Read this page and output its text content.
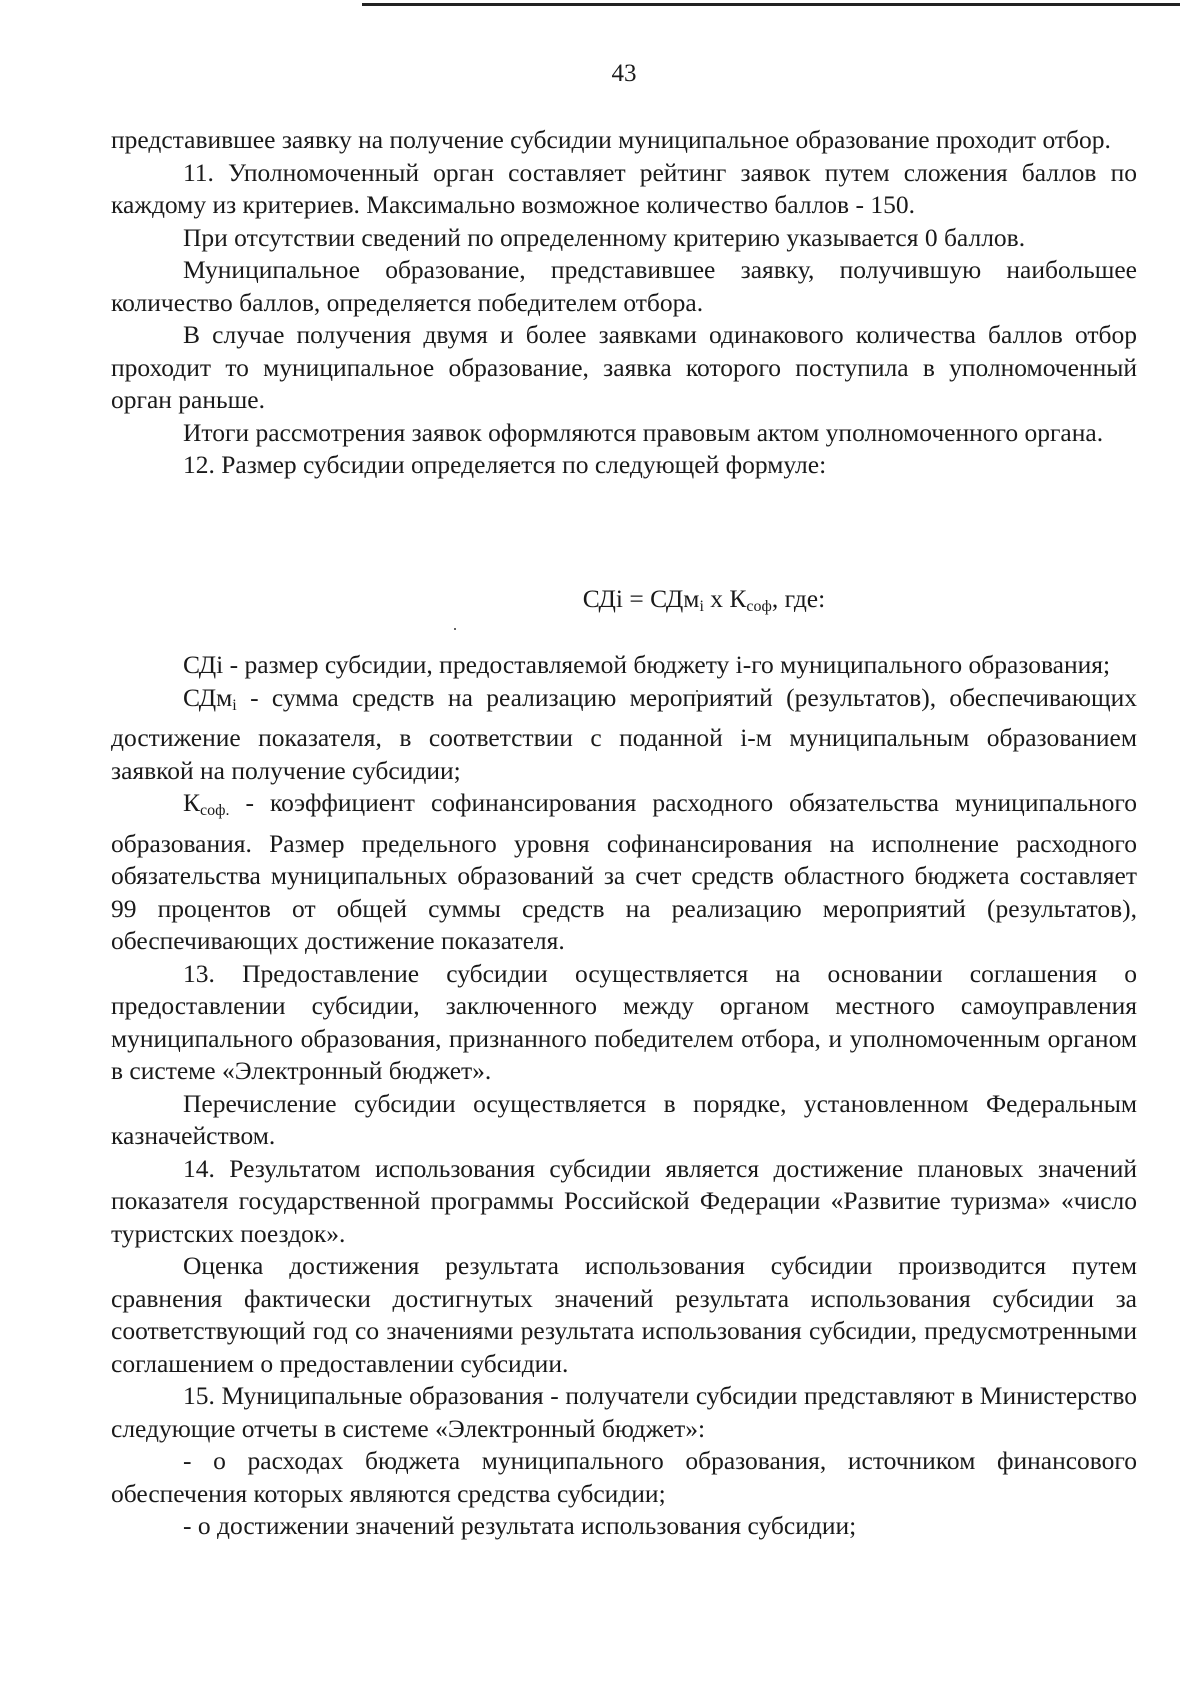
43

представившее заявку на получение субсидии муниципальное образование проходит отбор.

11. Уполномоченный орган составляет рейтинг заявок путем сложения баллов по каждому из критериев. Максимально возможное количество баллов - 150.

При отсутствии сведений по определенному критерию указывается 0 баллов.

Муниципальное образование, представившее заявку, получившую наибольшее количество баллов, определяется победителем отбора.

В случае получения двумя и более заявками одинакового количества баллов отбор проходит то муниципальное образование, заявка которого поступила в уполномоченный орган раньше.

Итоги рассмотрения заявок оформляются правовым актом уполномоченного органа.

12. Размер субсидии определяется по следующей формуле:

СДi = СДм$_i$ x $К_{соф}$, где:

СДi - размер субсидии, предоставляемой бюджету i-го муниципального образования;

СДм$_i$ - сумма средств на реализацию мероприятий (результатов), обеспечивающих достижение показателя, в соответствии с поданной i-м муниципальным образованием заявкой на получение субсидии;

$К_{соф.}$ - коэффициент софинансирования расходного обязательства муниципального образования. Размер предельного уровня софинансирования на исполнение расходного обязательства муниципальных образований за счет средств областного бюджета составляет 99 процентов от общей суммы средств на реализацию мероприятий (результатов), обеспечивающих достижение показателя.

13. Предоставление субсидии осуществляется на основании соглашения о предоставлении субсидии, заключенного между органом местного самоуправления муниципального образования, признанного победителем отбора, и уполномоченным органом в системе «Электронный бюджет».

Перечисление субсидии осуществляется в порядке, установленном Федеральным казначейством.

14. Результатом использования субсидии является достижение плановых значений показателя государственной программы Российской Федерации «Развитие туризма» «число туристских поездок».

Оценка достижения результата использования субсидии производится путем сравнения фактически достигнутых значений результата использования субсидии за соответствующий год со значениями результата использования субсидии, предусмотренными соглашением о предоставлении субсидии.

15. Муниципальные образования - получатели субсидии представляют в Министерство следующие отчеты в системе «Электронный бюджет»:

- о расходах бюджета муниципального образования, источником финансового обеспечения которых являются средства субсидии;

- о достижении значений результата использования субсидии;
